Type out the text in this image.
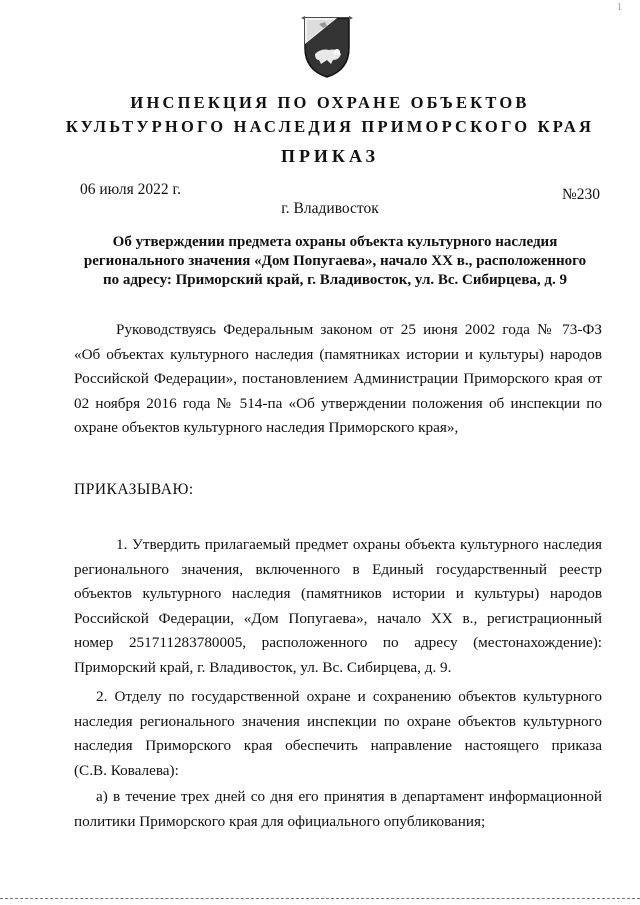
1
ИНСПЕКЦИЯ ПО ОХРАНЕ ОБЪЕКТОВ
КУЛЬТУРНОГО НАСЛЕДИЯ ПРИМОРСКОГО КРАЯ
ПРИКАЗ
06 июля 2022 г.	№230
г. Владивосток
Об утверждении предмета охраны объекта культурного наследия
регионального значения «Дом Попугаева», начало XX в., расположенного
по адресу: Приморский край, г. Владивосток, ул. Вс. Сибирцева, д. 9
Руководствуясь Федеральным законом от 25 июня 2002 года № 73-ФЗ
«Об объектах культурного наследия (памятниках истории и культуры) народов
Российской Федерации», постановлением Администрации Приморского края от
02 ноября 2016 года № 514-па «Об утверждении положения об инспекции по
охране объектов культурного наследия Приморского края»,
ПРИКАЗЫВАЮ:
1. Утвердить прилагаемый предмет охраны объекта культурного наследия
регионального значения, включенного в Единый государственный реестр
объектов культурного наследия (памятников истории и культуры) народов
Российской Федерации, «Дом Попугаева», начало XX в., регистрационный
номер 251711283780005, расположенного по адресу (местонахождение):
Приморский край, г. Владивосток, ул. Вс. Сибирцева, д. 9.
2. Отделу по государственной охране и сохранению объектов культурного
наследия регионального значения инспекции по охране объектов культурного
наследия Приморского края обеспечить направление настоящего приказа
(С.В. Ковалева):
а) в течение трех дней со дня его принятия в департамент информационной
политики Приморского края для официального опубликования;
